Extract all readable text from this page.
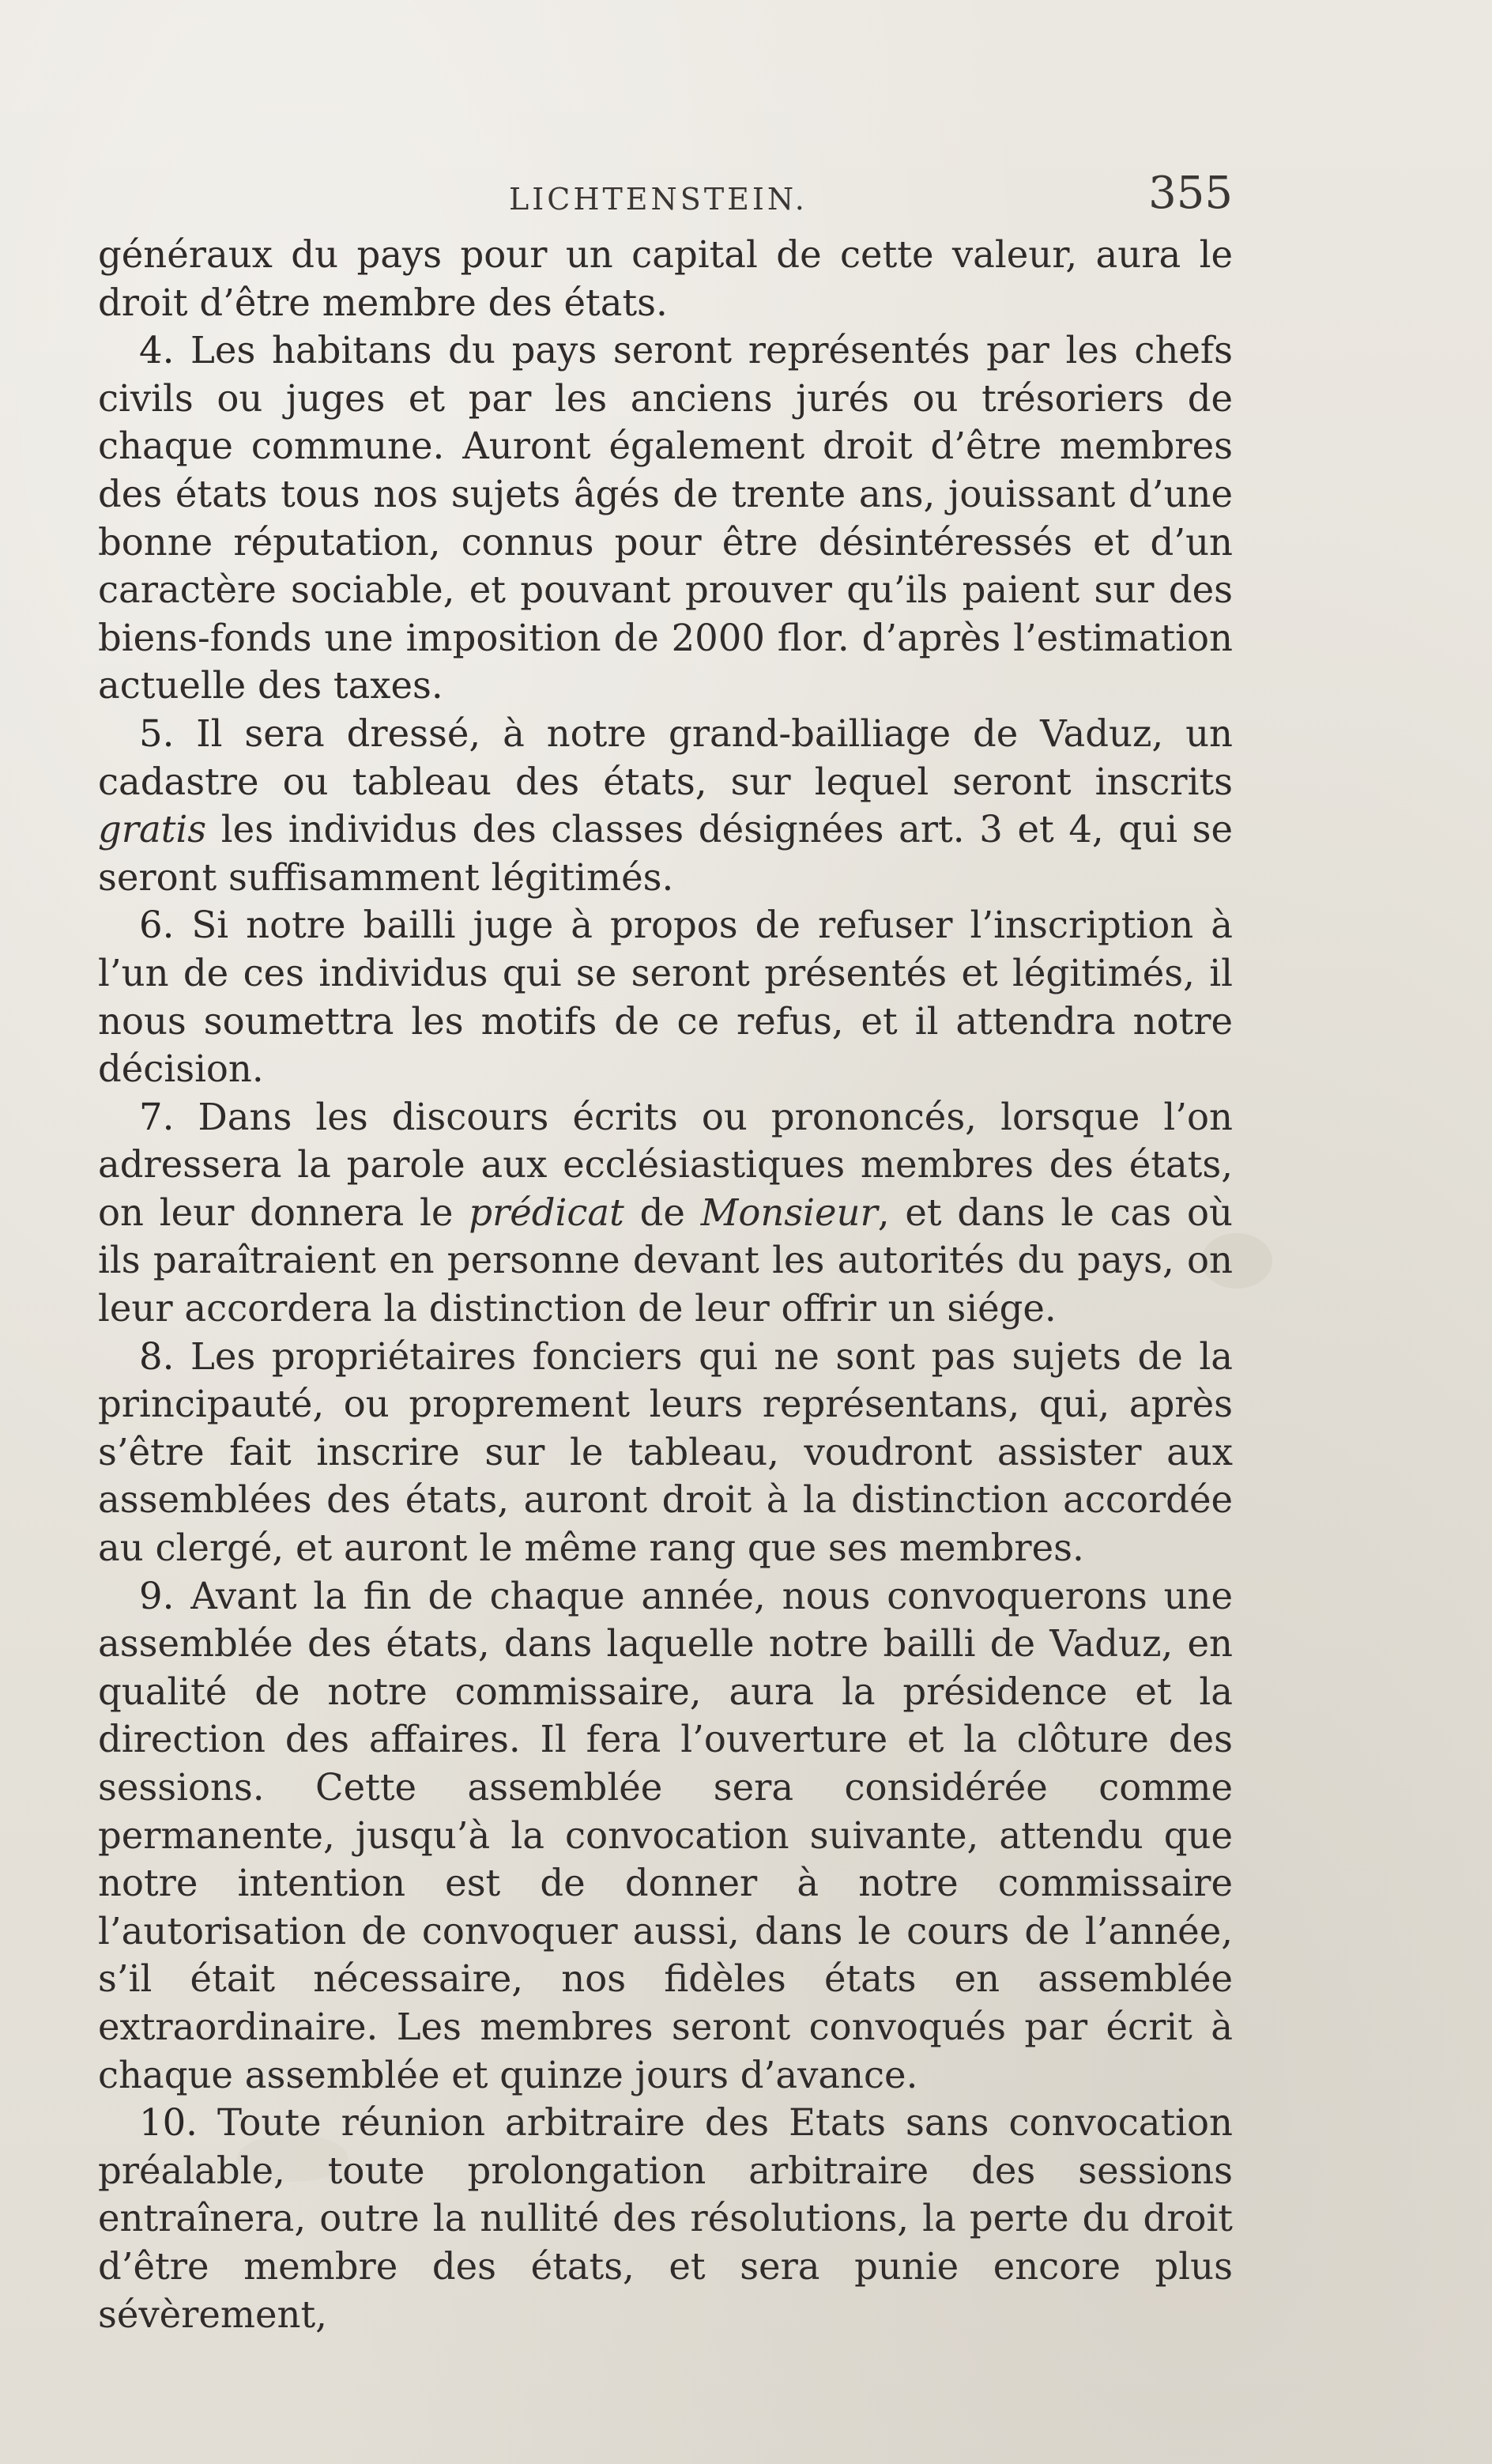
LICHTENSTEIN.	355

généraux du pays pour un capital de cette valeur, aura le droit d’être membre des états.

4. Les habitans du pays seront représentés par les chefs civils ou juges et par les anciens jurés ou trésoriers de chaque commune. Auront également droit d’être membres des états tous nos sujets âgés de trente ans, jouissant d’une bonne réputation, connus pour être désintéressés et d’un caractère sociable, et pouvant prouver qu’ils paient sur des biens-fonds une imposition de 2000 flor. d’après l’estimation actuelle des taxes.

5. Il sera dressé, à notre grand-bailliage de Vaduz, un cadastre ou tableau des états, sur lequel seront inscrits gratis les individus des classes désignées art. 3 et 4, qui se seront suffisamment légitimés.

6. Si notre bailli juge à propos de refuser l’inscription à l’un de ces individus qui se seront présentés et légitimés, il nous soumettra les motifs de ce refus, et il attendra notre décision.

7. Dans les discours écrits ou prononcés, lorsque l’on adressera la parole aux ecclésiastiques membres des états, on leur donnera le prédicat de Monsieur, et dans le cas où ils paraîtraient en personne devant les autorités du pays, on leur accordera la distinction de leur offrir un siége.

8. Les propriétaires fonciers qui ne sont pas sujets de la principauté, ou proprement leurs représentans, qui, après s’être fait inscrire sur le tableau, voudront assister aux assemblées des états, auront droit à la distinction accordée au clergé, et auront le même rang que ses membres.

9. Avant la fin de chaque année, nous convoquerons une assemblée des états, dans laquelle notre bailli de Vaduz, en qualité de notre commissaire, aura la présidence et la direction des affaires. Il fera l’ouverture et la clôture des sessions. Cette assemblée sera considérée comme permanente, jusqu’à la convocation suivante, attendu que notre intention est de donner à notre commissaire l’autorisation de convoquer aussi, dans le cours de l’année, s’il était nécessaire, nos fidèles états en assemblée extraordinaire. Les membres seront convoqués par écrit à chaque assemblée et quinze jours d’avance.

10. Toute réunion arbitraire des Etats sans convocation préalable, toute prolongation arbitraire des sessions entraînera, outre la nullité des résolutions, la perte du droit d’être membre des états, et sera punie encore plus sévèrement,
